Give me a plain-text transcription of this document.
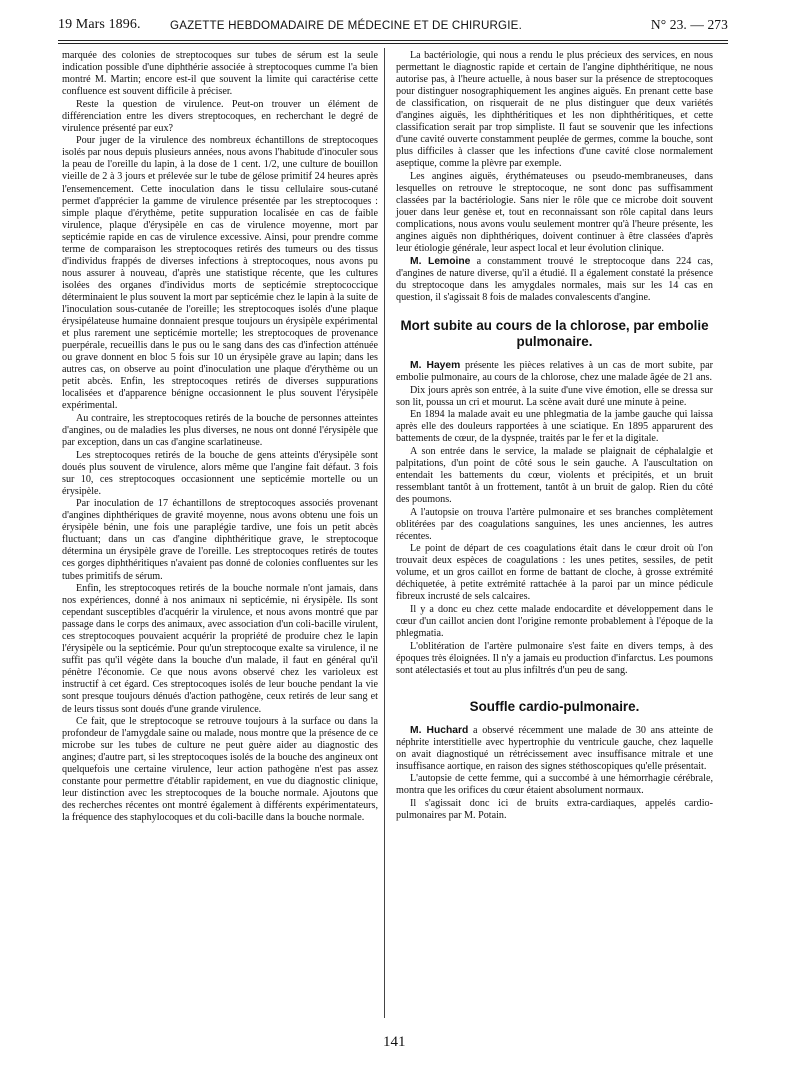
19 Mars 1896. GAZETTE HEBDOMADAIRE DE MÉDECINE ET DE CHIRURGIE.	N° 23. — 273

marquée des colonies de streptocoques sur tubes de sérum est la seule indication possible d'une diphthérie associée à streptocoques cumme l'a bien montré M. Martin; encore est-il que souvent la limite qui caractérise cette confluence est souvent difficile à préciser.

Reste la question de virulence. Peut-on trouver un élément de différenciation entre les divers streptocoques, en recherchant le degré de virulence présenté par eux?

Pour juger de la virulence des nombreux échantillons de streptocoques isolés par nous depuis plusieurs années, nous avons l'habitude d'inoculer sous la peau de l'oreille du lapin, à la dose de 1 cent. 1/2, une culture de bouillon vieille de 2 à 3 jours et prélevée sur le tube de gélose primitif 24 heures après l'ensemencement. Cette inoculation dans le tissu cellulaire sous-cutané permet d'apprécier la gamme de virulence présentée par les streptocoques : simple plaque d'érythème, petite suppuration localisée en cas de faible virulence, plaque d'érysipèle en cas de virulence moyenne, mort par septicémie rapide en cas de virulence excessive. Ainsi, pour prendre comme terme de comparaison les streptocoques retirés des tumeurs ou des tissus d'individus frappés de diverses infections à streptocoques, nous avons pu nous assurer à nouveau, d'après une statistique récente, que les cultures isolées des organes d'individus morts de septicémie streptococcique déterminaient le plus souvent la mort par septicémie chez le lapin à la suite de l'inoculation sous-cutanée de l'oreille; les streptocoques isolés d'une plaque érysipélateuse humaine donnaient presque toujours un érysipèle expérimental et plus rarement une septicémie mortelle; les streptocoques de provenance puerpérale, recueillis dans le pus ou le sang dans des cas d'infection atténuée ou grave donnent en bloc 5 fois sur 10 un érysipèle grave au lapin; dans les autres cas, on observe au point d'inoculation une plaque d'érythème ou un petit abcès. Enfin, les streptocoques retirés de diverses suppurations localisées et d'apparence bénigne occasionnent le plus souvent l'érysipèle expérimental.

Au contraire, les streptocoques retirés de la bouche de personnes atteintes d'angines, ou de maladies les plus diverses, ne nous ont donné l'érysipèle que par exception, dans un cas d'angine scarlatineuse.

Les streptocoques retirés de la bouche de gens atteints d'érysipèle sont doués plus souvent de virulence, alors même que l'angine fait défaut. 3 fois sur 10, ces streptocoques occasionnent une septicémie mortelle ou un érysipèle.

Par inoculation de 17 échantillons de streptocoques associés provenant d'angines diphthériques de gravité moyenne, nous avons obtenu une fois un érysipèle bénin, une fois une paraplégie tardive, une fois un petit abcès fluctuant; dans un cas d'angine diphthéritique grave, le streptocoque détermina un érysipèle grave de l'oreille. Les streptocoques retirés de toutes ces gorges diphthéritiques n'avaient pas donné de colonies confluentes sur les tubes primitifs de sérum.

Enfin, les streptocoques retirés de la bouche normale n'ont jamais, dans nos expériences, donné à nos animaux ni septicémie, ni érysipèle. Ils sont cependant susceptibles d'acquérir la virulence, et nous avons montré que par passage dans le corps des animaux, avec association d'un coli-bacille virulent, ces streptocoques pouvaient acquérir la propriété de produire chez le lapin l'érysipèle ou la septicémie. Pour qu'un streptocoque exalte sa virulence, il ne suffit pas qu'il végète dans la bouche d'un malade, il faut en général qu'il pénètre l'économie. Ce que nous avons observé chez les varioleux est instructif à cet égard. Ces streptocoques isolés de leur bouche pendant la vie sont presque toujours dénués d'action pathogène, ceux retirés de leur sang et de leurs tissus sont doués d'une grande virulence.

Ce fait, que le streptocoque se retrouve toujours à la surface ou dans la profondeur de l'amygdale saine ou malade, nous montre que la présence de ce microbe sur les tubes de culture ne peut guère aider au diagnostic des angines; d'autre part, si les streptocoques isolés de la bouche des angineux ont quelquefois une certaine virulence, leur action pathogène n'est pas assez constante pour permettre d'établir rapidement, en vue du diagnostic clinique, leur distinction avec les streptocoques de la bouche normale. Ajoutons que des recherches récentes ont montré également à différents expérimentateurs, la fréquence des staphylocoques et du coli-bacille dans la bouche normale.

La bactériologie, qui nous a rendu le plus précieux des services, en nous permettant le diagnostic rapide et certain de l'angine diphthéritique, ne nous autorise pas, à l'heure actuelle, à nous baser sur la présence de streptocoques pour distinguer nosographiquement les angines aiguës. En prenant cette base de classification, on risquerait de ne plus distinguer que deux variétés d'angines aiguës, les diphthéritiques et les non diphthéritiques, et cette classification serait par trop simpliste. Il faut se souvenir que les infections d'une cavité ouverte constamment peuplée de germes, comme la bouche, sont plus difficiles à classer que les infections d'une cavité close normalement aseptique, comme la plèvre par exemple.

Les angines aiguës, érythémateuses ou pseudo-membraneuses, dans lesquelles on retrouve le streptocoque, ne sont donc pas suffisamment classées par la bactériologie. Sans nier le rôle que ce microbe doit souvent jouer dans leur genèse et, tout en reconnaissant son rôle capital dans leurs complications, nous avons voulu seulement montrer qu'à l'heure présente, les angines aiguës non diphthériques, doivent continuer à être classées d'après leur étiologie générale, leur aspect local et leur évolution clinique.

M. Lemoine a constamment trouvé le streptocoque dans 224 cas, d'angines de nature diverse, qu'il a étudié. Il a également constaté la présence du streptocoque dans les amygdales normales, mais sur les 14 cas en question, il s'agissait 8 fois de malades convalescents d'angine.

Mort subite au cours de la chlorose, par embolie pulmonaire.

M. Hayem présente les pièces relatives à un cas de mort subite, par embolie pulmonaire, au cours de la chlorose, chez une malade âgée de 21 ans.

Dix jours après son entrée, à la suite d'une vive émotion, elle se dressa sur son lit, poussa un cri et mourut. La scène avait duré une minute à peine.

En 1894 la malade avait eu une phlegmatia de la jambe gauche qui laissa après elle des douleurs rapportées à une sciatique. En 1895 apparurent des battements de cœur, de la dyspnée, traités par le fer et la digitale.

A son entrée dans le service, la malade se plaignait de céphalalgie et palpitations, d'un point de côté sous le sein gauche. A l'auscultation on entendait les battements du cœur, violents et précipités, et un bruit ressemblant tantôt à un frottement, tantôt à un bruit de galop. Rien du côté des poumons.

A l'autopsie on trouva l'artère pulmonaire et ses branches complètement oblitérées par des coagulations sanguines, les unes anciennes, les autres récentes.

Le point de départ de ces coagulations était dans le cœur droit où l'on trouvait deux espèces de coagulations : les unes petites, sessiles, de petit volume, et un gros caillot en forme de battant de cloche, à grosse extrémité déchiquetée, à petite extrémité rattachée à la paroi par un mince pédicule fibreux incrusté de sels calcaires.

Il y a donc eu chez cette malade endocardite et développement dans le cœur d'un caillot ancien dont l'origine remonte probablement à l'époque de la phlegmatia.

L'oblitération de l'artère pulmonaire s'est faite en divers temps, à des époques très éloignées. Il n'y a jamais eu production d'infarctus. Les poumons sont atélectasiés et tout au plus infiltrés d'un peu de sang.

Souffle cardio-pulmonaire.

M. Huchard a observé récemment une malade de 30 ans atteinte de néphrite interstitielle avec hypertrophie du ventricule gauche, chez laquelle on avait diagnostiqué un rétrécissement avec insuffisance mitrale et une insuffisance aortique, en raison des signes stéthoscopiques qu'elle présentait.

L'autopsie de cette femme, qui a succombé à une hémorrhagie cérébrale, montra que les orifices du cœur étaient absolument normaux.

Il s'agissait donc ici de bruits extra-cardiaques, appelés cardio-pulmonaires par M. Potain.

141
